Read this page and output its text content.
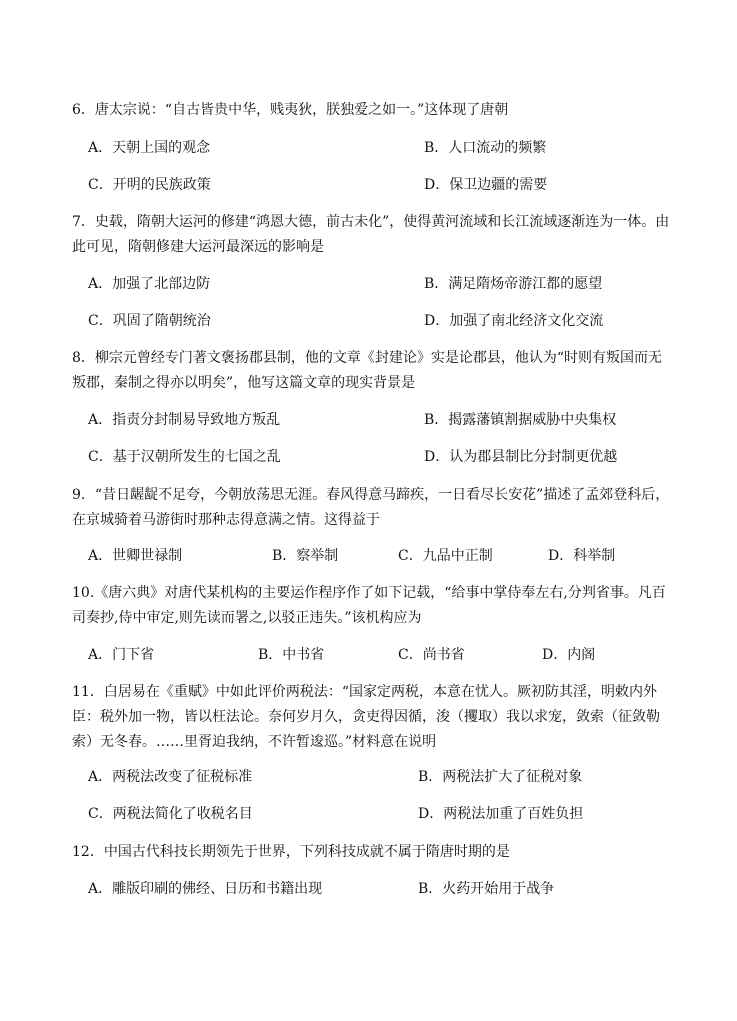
6．唐太宗说：“自古皆贵中华，贱夷狄，朕独爱之如一。”这体现了唐朝
A．天朝上国的观念	B．人口流动的频繁
C．开明的民族政策	D．保卫边疆的需要
7．史载，隋朝大运河的修建“鸿恩大德，前古未化”，使得黄河流域和长江流域逐渐连为一体。由此可见，隋朝修建大运河最深远的影响是
A．加强了北部边防	B．满足隋炀帝游江都的愿望
C．巩固了隋朝统治	D．加强了南北经济文化交流
8．柳宗元曾经专门著文褒扬郡县制，他的文章《封建论》实是论郡县，他认为“时则有叛国而无叛郡，秦制之得亦以明矣”，他写这篇文章的现实背景是
A．指责分封制易导致地方叛乱	B．揭露藩镇割据威胁中央集权
C．基于汉朝所发生的七国之乱	D．认为郡县制比分封制更优越
9．“昔日龌龊不足夸，今朝放荡思无涯。春风得意马蹄疾，一日看尽长安花”描述了孟郊登科后，在京城骑着马游街时那种志得意满之情。这得益于
A．世卿世禄制	B．察举制	C．九品中正制	D．科举制
10.《唐六典》对唐代某机构的主要运作程序作了如下记载，“给事中掌侍奉左右,分判省事。凡百司奏抄,侍中审定,则先读而署之,以驳正违失。”该机构应为
A．门下省	B．中书省	C．尚书省	D．内阁
11．白居易在《重赋》中如此评价两税法：“国家定两税，本意在忧人。厥初防其淫，明敕内外臣：税外加一物，皆以枉法论。奈何岁月久，贪吏得因循，浚（攫取）我以求宠，敛索（征敛勒索）无冬春。……里胥迫我纳，不许暂逡巡。”材料意在说明
A．两税法改变了征税标准	B．两税法扩大了征税对象
C．两税法简化了收税名目	D．两税法加重了百姓负担
12．中国古代科技长期领先于世界，下列科技成就不属于隋唐时期的是
A．雕版印刷的佛经、日历和书籍出现	B．火药开始用于战争
